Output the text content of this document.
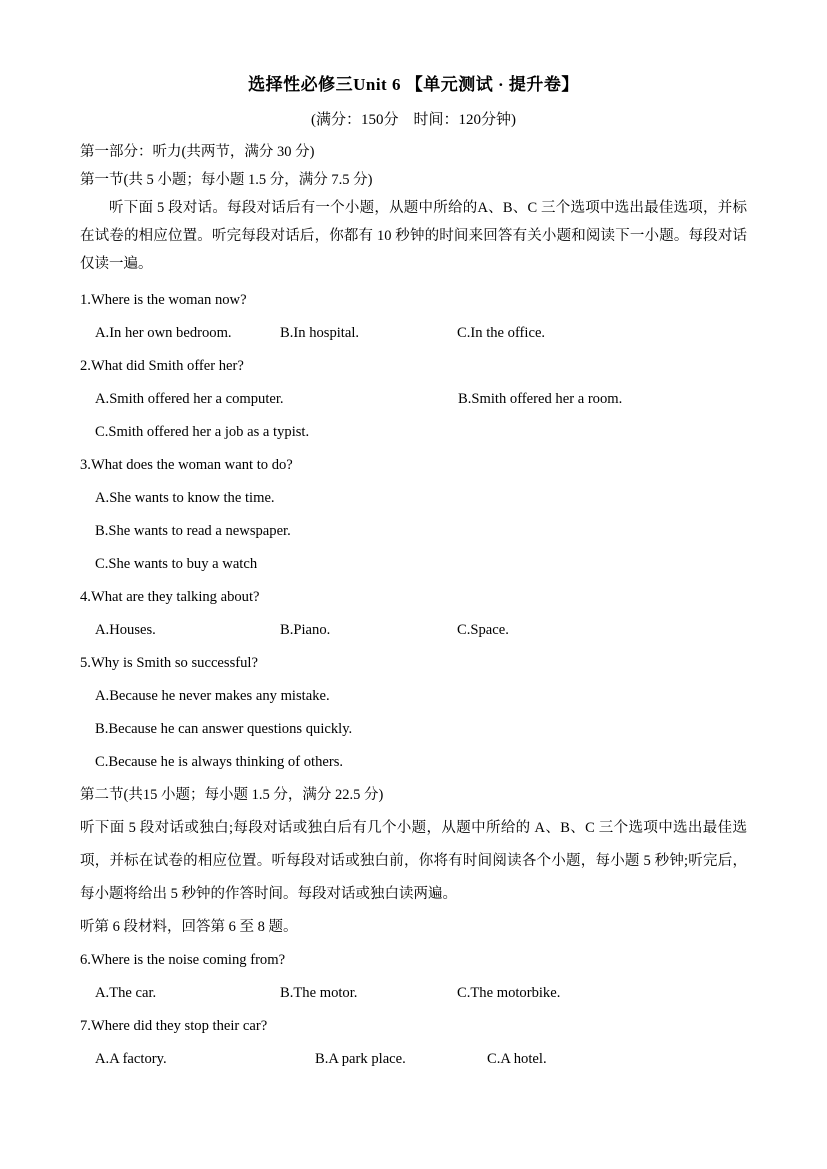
选择性必修三Unit 6 【单元测试 · 提升卷】
(满分：150分　时间：120分钟)
第一部分：听力(共两节，满分 30 分)
第一节(共 5 小题；每小题 1.5 分，满分 7.5 分)

听下面 5 段对话。每段对话后有一个小题，从题中所给的A、B、C 三个选项中选出最佳选项，并标在试卷的相应位置。听完每段对话后，你都有 10 秒钟的时间来回答有关小题和阅读下一小题。每段对话仅读一遍。

1.Where is the woman now?
A.In her own bedroom.	B.In hospital.	C.In the office.
2.What did Smith offer her?
A.Smith offered her a computer.	B.Smith offered her a room.
C.Smith offered her a job as a typist.
3.What does the woman want to do?
A.She wants to know the time.
B.She wants to read a newspaper.
C.She wants to buy a watch
4.What are they talking about?
A.Houses.	B.Piano.	C.Space.
5.Why is Smith so successful?
A.Because he never makes any mistake.
B.Because he can answer questions quickly.
C.Because he is always thinking of others.
第二节(共15 小题；每小题 1.5 分，满分 22.5 分)

听下面 5 段对话或独白;每段对话或独白后有几个小题，从题中所给的 A、B、C 三个选项中选出最佳选项，并标在试卷的相应位置。听每段对话或独白前，你将有时间阅读各个小题，每小题 5 秒钟;听完后，每小题将给出 5 秒钟的作答时间。每段对话或独白读两遍。

听第 6 段材料，回答第 6 至 8 题。
6.Where is the noise coming from?
A.The car.	B.The motor.	C.The motorbike.
7.Where did they stop their car?
A.A factory.	B.A park place.	C.A hotel.
